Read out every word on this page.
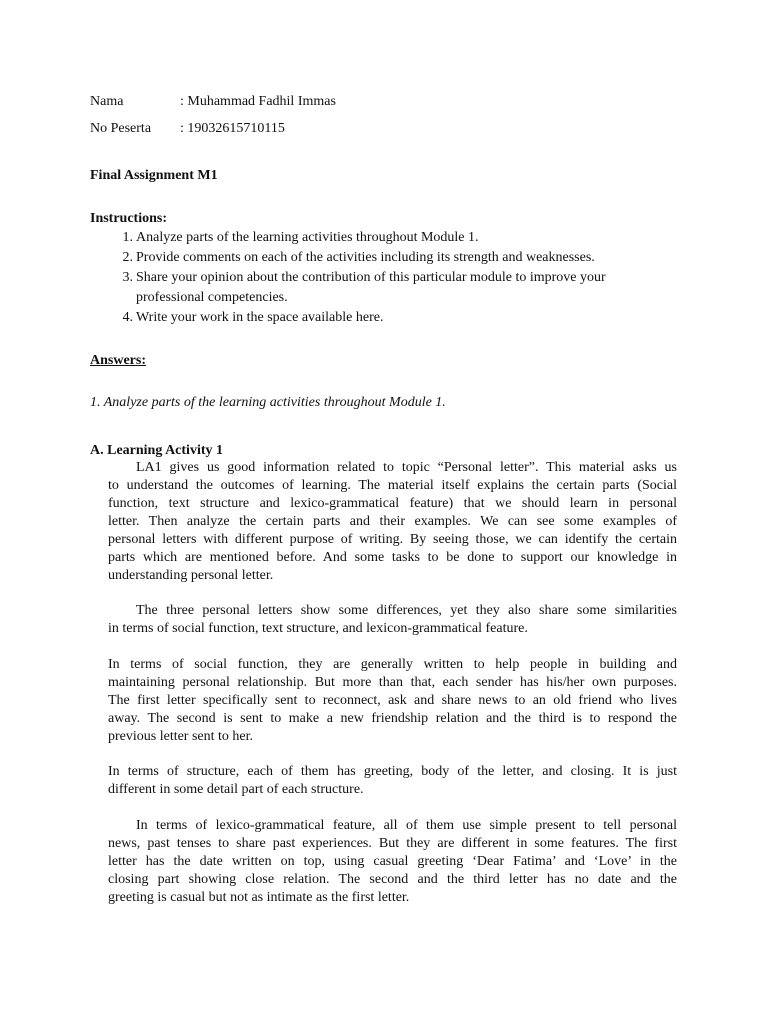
Nama	: Muhammad Fadhil Immas
No Peserta : 19032615710115
Final Assignment M1
Instructions:
1. Analyze parts of the learning activities throughout Module 1.
2. Provide comments on each of the activities including its strength and weaknesses.
3. Share your opinion about the contribution of this particular module to improve your
professional competencies.
4. Write your work in the space available here.
Answers:
1. Analyze parts of the learning activities throughout Module 1.
A. Learning Activity 1
LA1 gives us good information related to topic “Personal letter”. This material asks us
to understand the outcomes of learning. The material itself explains the certain parts (Social
function, text structure and lexico-grammatical feature) that we should learn in personal
letter. Then analyze the certain parts and their examples. We can see some examples of
personal letters with different purpose of writing. By seeing those, we can identify the certain
parts which are mentioned before. And some tasks to be done to support our knowledge in
understanding personal letter.
The three personal letters show some differences, yet they also share some similarities
in terms of social function, text structure, and lexicon-grammatical feature.
In terms of social function, they are generally written to help people in building and
maintaining personal relationship. But more than that, each sender has his/her own purposes.
The first letter specifically sent to reconnect, ask and share news to an old friend who lives
away. The second is sent to make a new friendship relation and the third is to respond the
previous letter sent to her.
In terms of structure, each of them has greeting, body of the letter, and closing. It is just
different in some detail part of each structure.
In terms of lexico-grammatical feature, all of them use simple present to tell personal
news, past tenses to share past experiences. But they are different in some features. The first
letter has the date written on top, using casual greeting ‘Dear Fatima’ and ‘Love’ in the
closing part showing close relation. The second and the third letter has no date and the
greeting is casual but not as intimate as the first letter.
